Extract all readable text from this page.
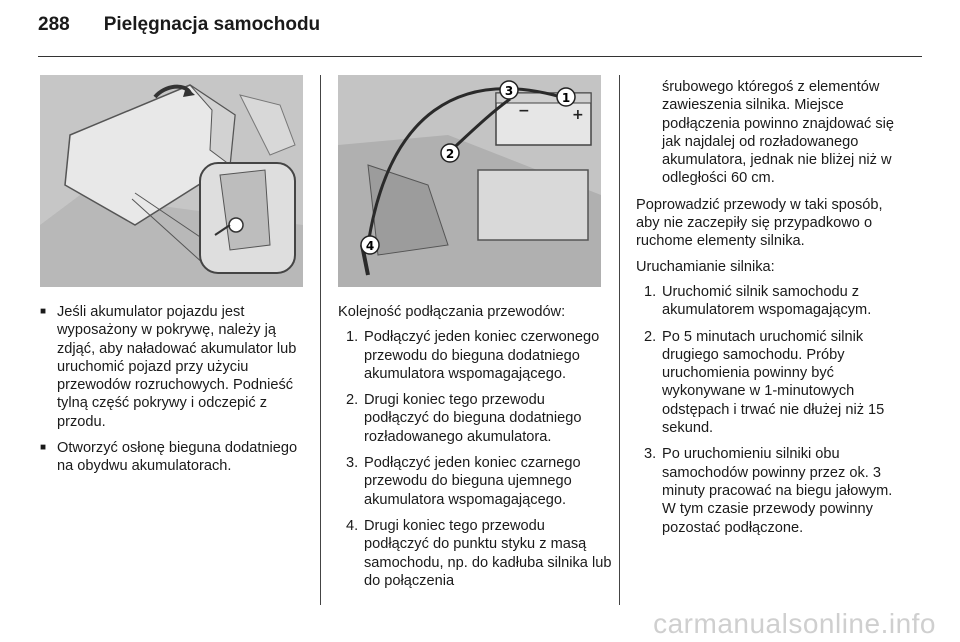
288 Pielęgnacja samochodu
■ Jeśli akumulator pojazdu jest wyposażony w pokrywę, należy ją zdjąć, aby naładować akumulator lub uruchomić pojazd przy użyciu przewodów rozruchowych. Podnieść tylną część pokrywy i odczepić z przodu.
■ Otworzyć osłonę bieguna dodatniego na obydwu akumulatorach.
−	+
1
2
3
4

Kolejność podłączania przewodów:

1. Podłączyć jeden koniec czerwonego przewodu do bieguna dodatniego akumulatora wspomagającego.
2. Drugi koniec tego przewodu podłączyć do bieguna dodatniego rozładowanego akumulatora.
3. Podłączyć jeden koniec czarnego przewodu do bieguna ujemnego akumulatora wspomagającego.
4. Drugi koniec tego przewodu podłączyć do punktu styku z masą samochodu, np. do kadłuba silnika lub do połączenia

śrubowego któregoś z elementów zawieszenia silnika. Miejsce podłączenia powinno znajdować się jak najdalej od rozładowanego akumulatora, jednak nie bliżej niż w odległości 60 cm.

Poprowadzić przewody w taki sposób, aby nie zaczepiły się przypadkowo o ruchome elementy silnika.

Uruchamianie silnika:

1. Uruchomić silnik samochodu z akumulatorem wspomagającym.
2. Po 5 minutach uruchomić silnik drugiego samochodu. Próby uruchomienia powinny być wykonywane w 1-minutowych odstępach i trwać nie dłużej niż 15 sekund.
3. Po uruchomieniu silniki obu samochodów powinny przez ok. 3 minuty pracować na biegu jałowym. W tym czasie przewody powinny pozostać podłączone.
carmanualsonline.info
